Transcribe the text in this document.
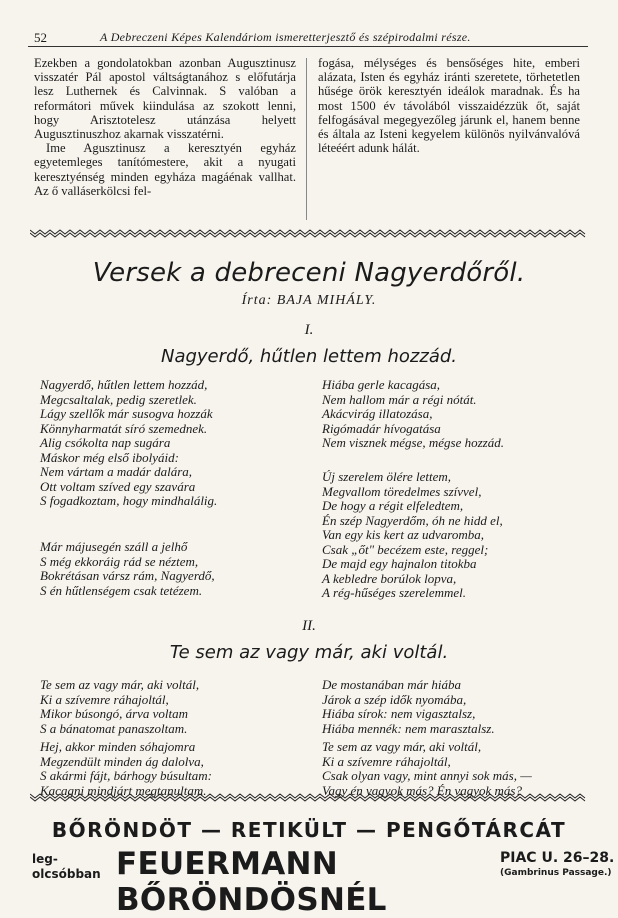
52	A Debreczeni Képes Kalendáriom ismeretterjesztő és szépirodalmi része.

Ezekben a gondolatokban azonban Augusztinusz visszatér Pál apostol váltságtanához s előfutárja lesz Luthernek és Calvinnak. S valóban a reformátori művek kiindulása az szokott lenni, hogy Arisztotelesz utánzása helyett Augusztinuszhoz akarnak visszatérni.

Ime Agusztinusz a keresztyén egyház egyetemleges tanítómestere, akit a nyugati keresztyénség minden egyháza magáénak vallhat. Az ő valláserkölcsi fel-

fogása, mélységes és bensőséges hite, emberi alázata, Isten és egyház iránti szeretete, törhetetlen hűsége örök keresztyén ideálok maradnak. És ha most 1500 év távolából visszaidézzük őt, saját felfogásával megegyezőleg járunk el, hanem benne és általa az Isteni kegyelem különös nyilvánvalóvá léteéért adunk hálát.

Versek a debreceni Nagyerdőről.
Írta: BAJA MIHÁLY.
I.
Nagyerdő, hűtlen lettem hozzád.
Nagyerdő, hűtlen lettem hozzád,
Megcsaltalak, pedig szeretlek.
Lágy szellők már susogva hozzák
Könnyharmatát síró szemednek.
Alig csókolta nap sugára
Máskor még első ibolyáid:
Nem vártam a madár dalára,
Ott voltam szíved egy szavára
S fogadkoztam, hogy mindhalálig.
Hiába gerle kacagása,
Nem hallom már a régi nótát.
Akácvirág illatozása,
Rigómadár hívogatása
Nem visznek mégse, mégse hozzád.
Már májusegén száll a jelhő
S még ekkoráig rád se néztem,
Bokrétásan vársz rám, Nagyerdő,
S én hűtlenségem csak tetézem.
Új szerelem ölére lettem,
Megvallom töredelmes szívvel,
De hogy a régit elfeledtem,
Én szép Nagyerdőm, óh ne hidd el,
Van egy kis kert az udvaromba,
Csak „őt" becézem este, reggel;
De majd egy hajnalon titokba
A kebledre borúlok lopva,
A rég-hűséges szerelemmel.
II.
Te sem az vagy már, aki voltál.
Te sem az vagy már, aki voltál,
Ki a szívemre ráhajoltál,
Mikor búsongó, árva voltam
S a bánatomat panaszoltam.
De mostanában már hiába
Járok a szép idők nyomába,
Hiába sírok: nem vigasztalsz,
Hiába mennék: nem marasztalsz.
Hej, akkor minden sóhajomra
Megzendült minden ág dalolva,
S akármi fájt, bárhogy búsultam:
Kacagni mindjárt megtanultam.
Te sem az vagy már, aki voltál,
Ki a szívemre ráhajoltál,
Csak olyan vagy, mint annyi sok más, —
Vagy én vagyok más? Én vagyok más?
BŐRÖNDÖT — RETIKÜLT — PENGŐTÁRCÁT
leg-
olcsóbban FEUERMANN BŐRÖNDÖSNÉL
PIAC U. 26–28.
(Gambrinus Passage.)
